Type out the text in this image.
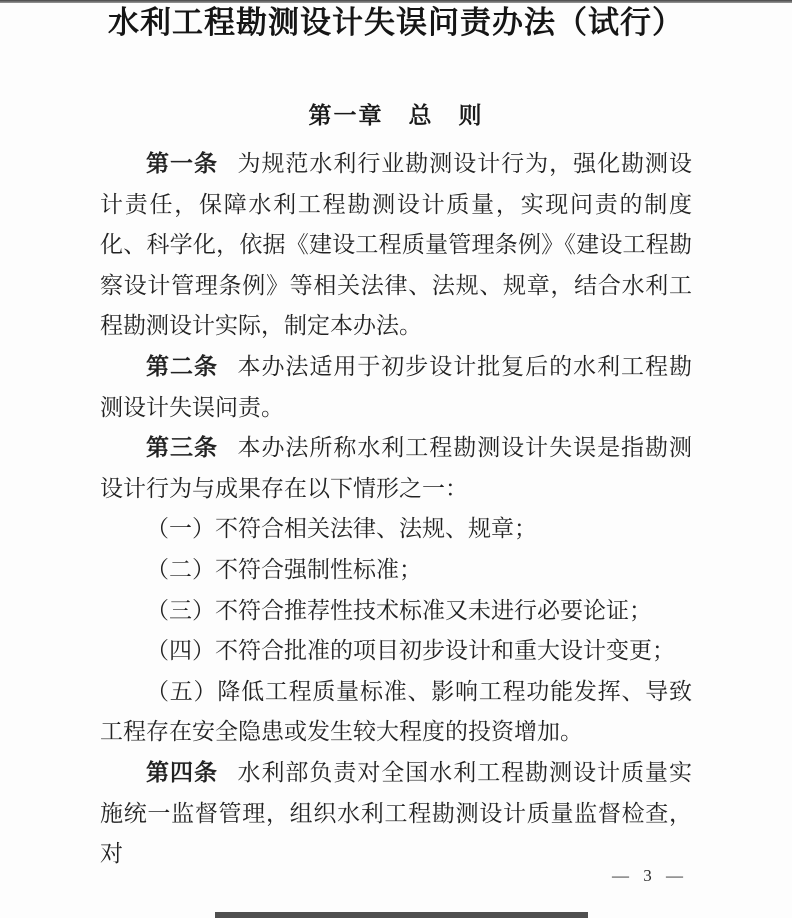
水利工程勘测设计失误问责办法（试行）
第一章　总　则

第一条 为规范水利行业勘测设计行为，强化勘测设计责任，保障水利工程勘测设计质量，实现问责的制度化、科学化，依据《建设工程质量管理条例》《建设工程勘察设计管理条例》等相关法律、法规、规章，结合水利工程勘测设计实际，制定本办法。

第二条 本办法适用于初步设计批复后的水利工程勘测设计失误问责。

第三条 本办法所称水利工程勘测设计失误是指勘测设计行为与成果存在以下情形之一：

（一）不符合相关法律、法规、规章；

（二）不符合强制性标准；

（三）不符合推荐性技术标准又未进行必要论证；

（四）不符合批准的项目初步设计和重大设计变更；

（五）降低工程质量标准、影响工程功能发挥、导致工程存在安全隐患或发生较大程度的投资增加。

第四条 水利部负责对全国水利工程勘测设计质量实施统一监督管理，组织水利工程勘测设计质量监督检查，对

— 3 —
